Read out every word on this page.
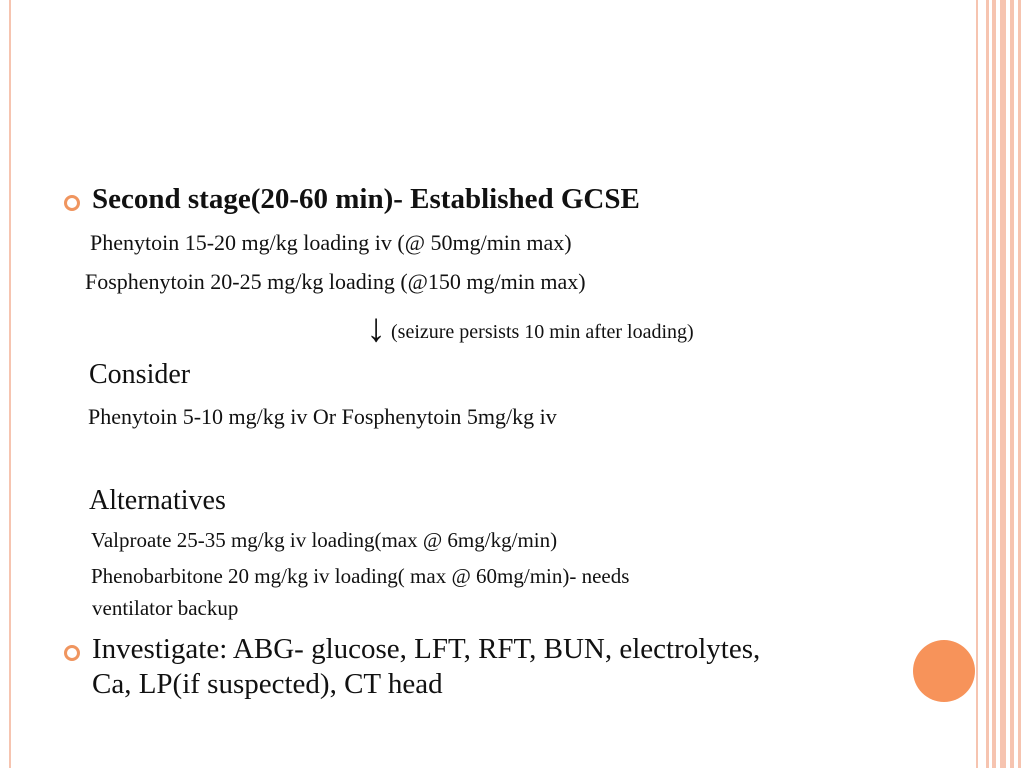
Second stage(20-60 min)- Established GCSE
Phenytoin 15-20 mg/kg loading iv (@ 50mg/min max)
Fosphenytoin 20-25 mg/kg loading (@150 mg/min max)
↓ (seizure persists 10 min after loading)
Consider
Phenytoin 5-10 mg/kg iv Or Fosphenytoin 5mg/kg iv
Alternatives
Valproate 25-35 mg/kg iv loading(max @ 6mg/kg/min)
Phenobarbitone 20 mg/kg iv loading( max @ 60mg/min)- needs
ventilator backup
Investigate: ABG- glucose, LFT, RFT, BUN, electrolytes,
Ca, LP(if suspected), CT head
